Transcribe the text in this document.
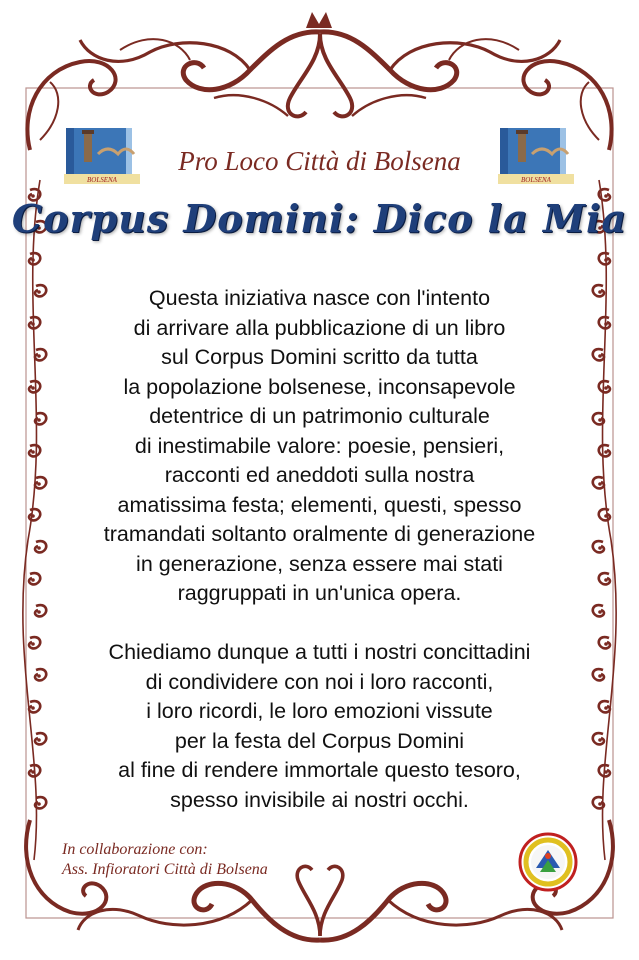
BOLSENA	BOLSENA
Pro Loco Città di Bolsena
Corpus Domini: Dico la Mia
Questa iniziativa nasce con l'intento
di arrivare alla pubblicazione di un libro
sul Corpus Domini scritto da tutta
la popolazione bolsenese, inconsapevole
detentrice di un patrimonio culturale
di inestimabile valore: poesie, pensieri,
racconti ed aneddoti sulla nostra
amatissima festa; elementi, questi, spesso
tramandati soltanto oralmente di generazione
in generazione, senza essere mai stati
raggruppati in un'unica opera.
Chiediamo dunque a tutti i nostri concittadini
di condividere con noi i loro racconti,
i loro ricordi, le loro emozioni vissute
per la festa del Corpus Domini
al fine di rendere immortale questo tesoro,
spesso invisibile ai nostri occhi.
In collaborazione con:
Ass. Infioratori Città di Bolsena
